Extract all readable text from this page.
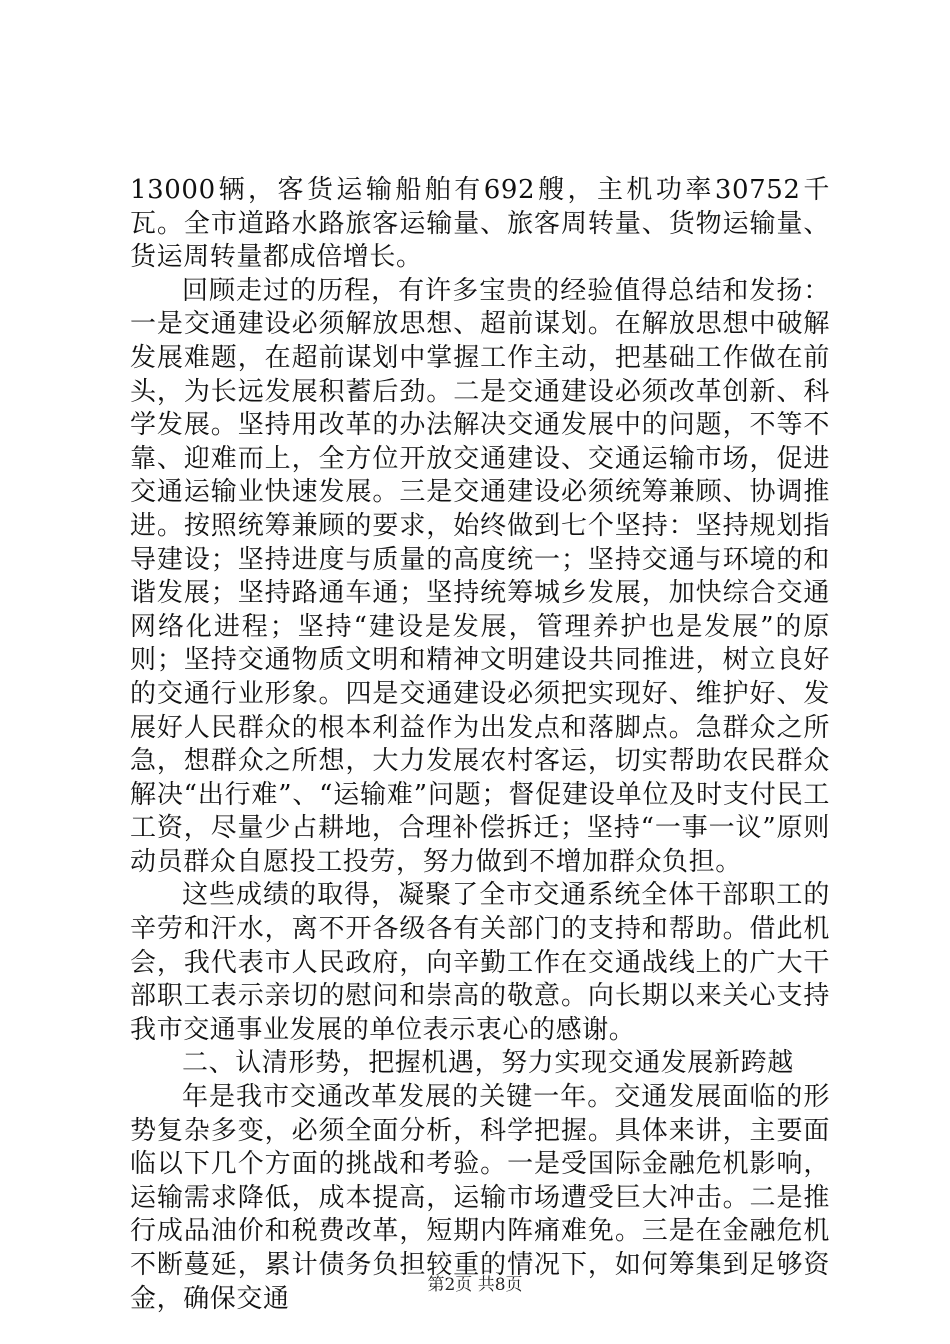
13000辆，客货运输船舶有692艘，主机功率30752千瓦。全市道路水路旅客运输量、旅客周转量、货物运输量、货运周转量都成倍增长。

回顾走过的历程，有许多宝贵的经验值得总结和发扬：一是交通建设必须解放思想、超前谋划。在解放思想中破解发展难题，在超前谋划中掌握工作主动，把基础工作做在前头，为长远发展积蓄后劲。二是交通建设必须改革创新、科学发展。坚持用改革的办法解决交通发展中的问题，不等不靠、迎难而上，全方位开放交通建设、交通运输市场，促进交通运输业快速发展。三是交通建设必须统筹兼顾、协调推进。按照统筹兼顾的要求，始终做到七个坚持：坚持规划指导建设；坚持进度与质量的高度统一；坚持交通与环境的和谐发展；坚持路通车通；坚持统筹城乡发展，加快综合交通网络化进程；坚持“建设是发展，管理养护也是发展”的原则；坚持交通物质文明和精神文明建设共同推进，树立良好的交通行业形象。四是交通建设必须把实现好、维护好、发展好人民群众的根本利益作为出发点和落脚点。急群众之所急，想群众之所想，大力发展农村客运，切实帮助农民群众解决“出行难”、“运输难”问题；督促建设单位及时支付民工工资，尽量少占耕地，合理补偿拆迁；坚持“一事一议”原则动员群众自愿投工投劳，努力做到不增加群众负担。

这些成绩的取得，凝聚了全市交通系统全体干部职工的辛劳和汗水，离不开各级各有关部门的支持和帮助。借此机会，我代表市人民政府，向辛勤工作在交通战线上的广大干部职工表示亲切的慰问和崇高的敬意。向长期以来关心支持我市交通事业发展的单位表示衷心的感谢。

二、认清形势，把握机遇，努力实现交通发展新跨越

年是我市交通改革发展的关键一年。交通发展面临的形势复杂多变，必须全面分析，科学把握。具体来讲，主要面临以下几个方面的挑战和考验。一是受国际金融危机影响，运输需求降低，成本提高，运输市场遭受巨大冲击。二是推行成品油价和税费改革，短期内阵痛难免。三是在金融危机不断蔓延，累计债务负担较重的情况下，如何筹集到足够资金，确保交通	第2页 共8页
